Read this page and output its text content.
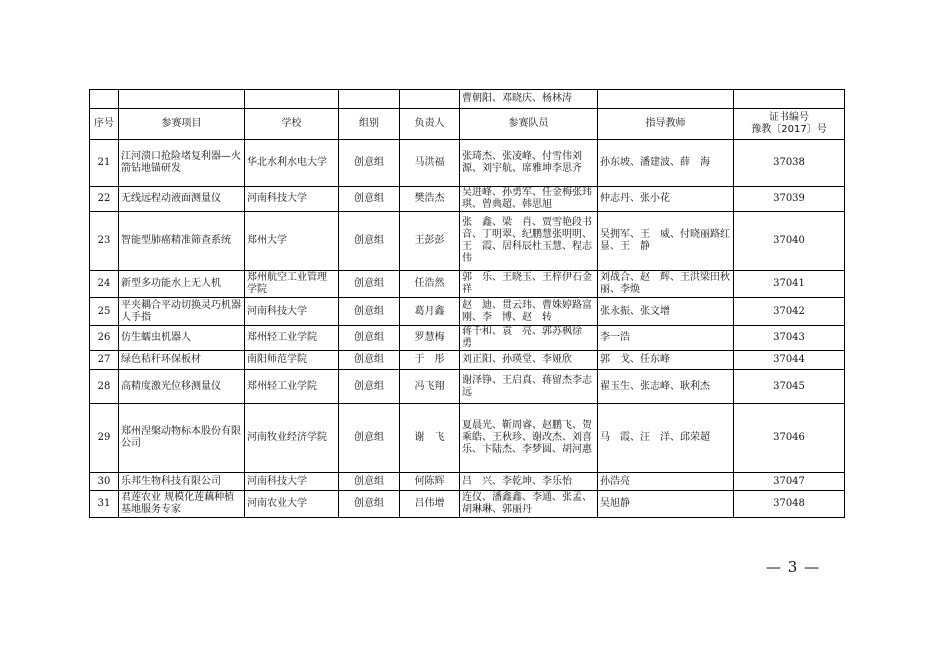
					曹朝阳、邓晓庆、杨林涛		
序号	参赛项目	学校	组别	负责人	参赛队员	指导教师	证书编号
豫教〔2017〕号

21	江河溃口抢险堵复利器—火箭钻地锚研发	华北水利水电大学	创意组	马洪福	张琦杰、张凌峰、付雪伟刘　源、刘宇航、席雅坤李思齐	孙东坡、潘建波、薛　海	37038
22	无线远程动液面测量仪	河南科技大学	创意组	樊浩杰	吴进峰、孙勇军、任金梅张玮琪、曾典超、韩思旭	仲志丹、张小花	37039
23	智能型肺癌精准筛查系统	郑州大学	创意组	王彭彭	张　鑫、梁　肖、贾雪艳段书音、丁明翠、纪鹏慧张明明、王　霞、居科辰杜玉慧、程志伟	吴拥军、王　威、付晓丽路红显、王　静	37040
24	新型多功能水上无人机	郑州航空工业管理学院	创意组	任浩然	郭　乐、王晓玉、王梓伊石金祥	刘战合、赵　辉、王洪梁田秋丽、李焕	37041
25	平夹耦合平动切换灵巧机器人手指	河南科技大学	创意组	葛月鑫	赵　迪、贯云玮、曹姝婷路富刚、李　博、赵　转	张永振、张文增	37042
26	仿生蠕虫机器人	郑州轻工业学院	创意组	罗慧梅	蒋千和、袁　亮、郭苏枫徐　勇	李一浩	37043
27	绿色秸秆环保板材	南阳师范学院	创意组	于　彤	刘正阳、孙瑛堂、李娅欣	郭　戈、任东峰	37044
28	高精度激光位移测量仪	郑州轻工业学院	创意组	冯飞翔	谢泽铮、王启真、蒋留杰李志远	翟玉生、张志峰、耿利杰	37045
29	郑州涅槃动物标本股份有限公司	河南牧业经济学院	创意组	谢　飞	夏晨光、靳周睿、赵鹏飞、贺乘皓、王秋珍、谢改杰、刘喜乐、卞陆杰、李梦圆、胡河惠	马　霞、汪　洋、邱荣超	37046
30	乐邦生物科技有限公司	河南科技大学	创意组	何陈辉	吕　兴、李乾坤、李乐怡	孙浩亮	37047
31	君莲农业 规模化莲藕种植基地服务专家	河南农业大学	创意组	吕伟增	连仪、潘鑫鑫、李通、张孟、胡琳琳、郭丽丹	吴旭静	37048
— 3 —
